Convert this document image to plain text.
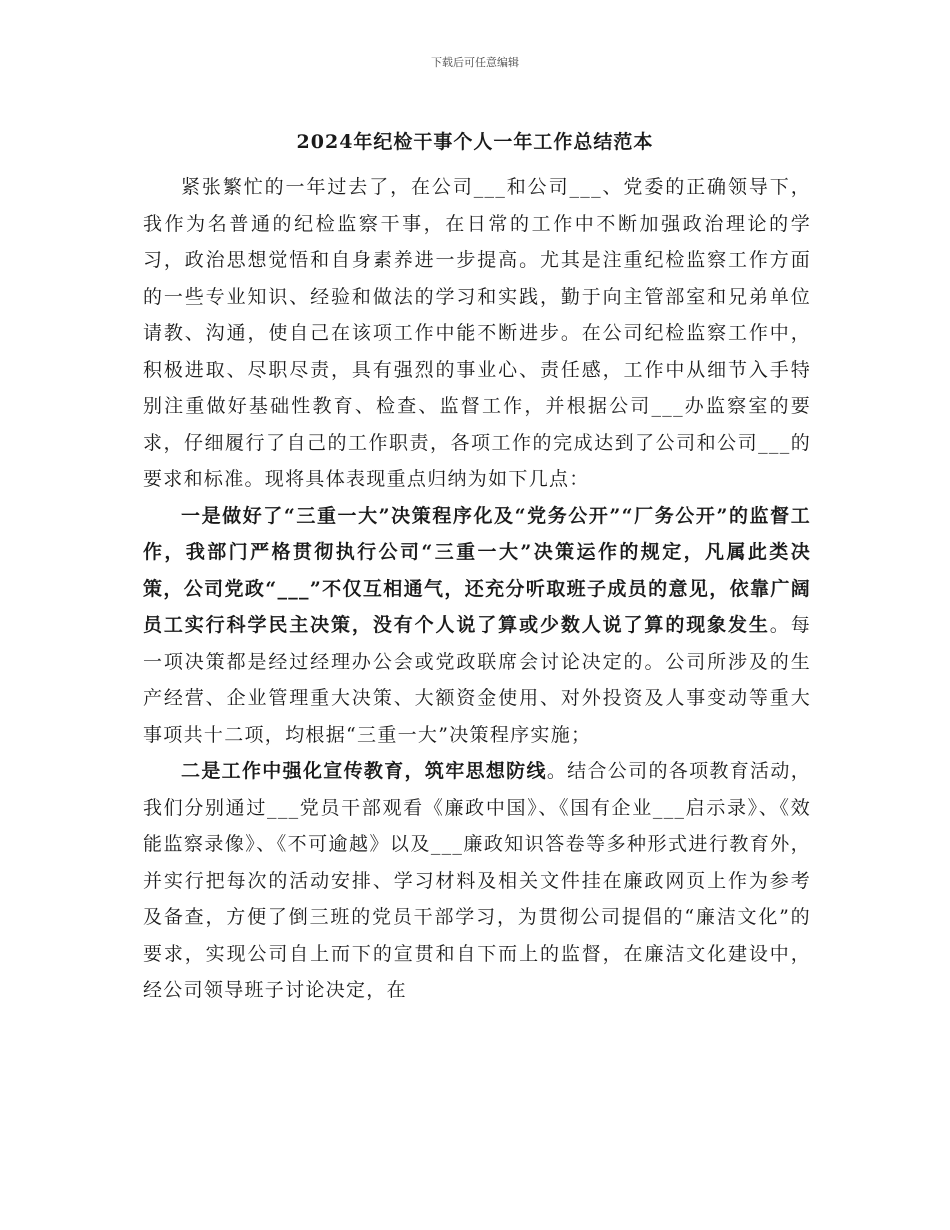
下载后可任意编辑
2024年纪检干事个人一年工作总结范本

紧张繁忙的一年过去了，在公司___和公司___、党委的正确领导下，我作为名普通的纪检监察干事，在日常的工作中不断加强政治理论的学习，政治思想觉悟和自身素养进一步提高。尤其是注重纪检监察工作方面的一些专业知识、经验和做法的学习和实践，勤于向主管部室和兄弟单位请教、沟通，使自己在该项工作中能不断进步。在公司纪检监察工作中，积极进取、尽职尽责，具有强烈的事业心、责任感，工作中从细节入手特别注重做好基础性教育、检查、监督工作，并根据公司___办监察室的要求，仔细履行了自己的工作职责，各项工作的完成达到了公司和公司___的要求和标准。现将具体表现重点归纳为如下几点：

一是做好了“三重一大”决策程序化及“党务公开”“厂务公开”的监督工作，我部门严格贯彻执行公司“三重一大”决策运作的规定，凡属此类决策，公司党政“___”不仅互相通气，还充分听取班子成员的意见，依靠广阔员工实行科学民主决策，没有个人说了算或少数人说了算的现象发生。每一项决策都是经过经理办公会或党政联席会讨论决定的。公司所涉及的生产经营、企业管理重大决策、大额资金使用、对外投资及人事变动等重大事项共十二项，均根据“三重一大”决策程序实施；

二是工作中强化宣传教育，筑牢思想防线。结合公司的各项教育活动，我们分别通过___党员干部观看《廉政中国》、《国有企业___启示录》、《效能监察录像》、《不可逾越》以及___廉政知识答卷等多种形式进行教育外，并实行把每次的活动安排、学习材料及相关文件挂在廉政网页上作为参考及备查，方便了倒三班的党员干部学习，为贯彻公司提倡的“廉洁文化”的要求，实现公司自上而下的宣贯和自下而上的监督，在廉洁文化建设中，经公司领导班子讨论决定，在
